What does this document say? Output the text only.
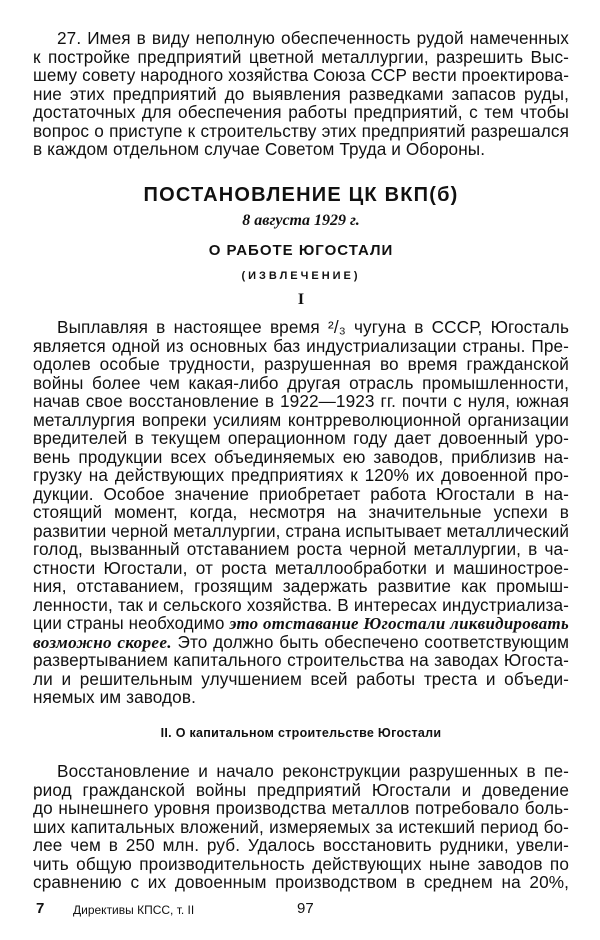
27. Имея в виду неполную обеспеченность рудой намеченных
к постройке предприятий цветной металлургии, разрешить Выс-
шему совету народного хозяйства Союза ССР вести проектирова-
ние этих предприятий до выявления разведками запасов руды,
достаточных для обеспечения работы предприятий, с тем чтобы
вопрос о приступе к строительству этих предприятий разрешался
в каждом отдельном случае Советом Труда и Обороны.
ПОСТАНОВЛЕНИЕ ЦК ВКП(б)
8 августа 1929 г.
О РАБОТЕ ЮГОСТАЛИ
(ИЗВЛЕЧЕНИЕ)
I
Выплавляя в настоящее время ²/₃ чугуна в СССР, Югосталь
является одной из основных баз индустриализации страны. Пре-
одолев особые трудности, разрушенная во время гражданской
войны более чем какая-либо другая отрасль промышленности,
начав свое восстановление в 1922—1923 гг. почти с нуля, южная
металлургия вопреки усилиям контрреволюционной организации
вредителей в текущем операционном году дает довоенный уро-
вень продукции всех объединяемых ею заводов, приблизив на-
грузку на действующих предприятиях к 120% их довоенной про-
дукции. Особое значение приобретает работа Югостали в на-
стоящий момент, когда, несмотря на значительные успехи в
развитии черной металлургии, страна испытывает металлический
голод, вызванный отставанием роста черной металлургии, в ча-
стности Югостали, от роста металлообработки и машинострое-
ния, отставанием, грозящим задержать развитие как промыш-
ленности, так и сельского хозяйства. В интересах индустриализа-
ции страны необходимо это отставание Югостали ликвидировать
возможно скорее. Это должно быть обеспечено соответствующим
развертыванием капитального строительства на заводах Югоста-
ли и решительным улучшением всей работы треста и объеди-
няемых им заводов.
II. О капитальном строительстве Югостали
Восстановление и начало реконструкции разрушенных в пе-
риод гражданской войны предприятий Югостали и доведение
до нынешнего уровня производства металлов потребовало боль-
ших капитальных вложений, измеряемых за истекший период бо-
лее чем в 250 млн. руб. Удалось восстановить рудники, увели-
чить общую производительность действующих ныне заводов по
сравнению с их довоенным производством в среднем на 20%,
7 Директивы КПСС, т. II	97
